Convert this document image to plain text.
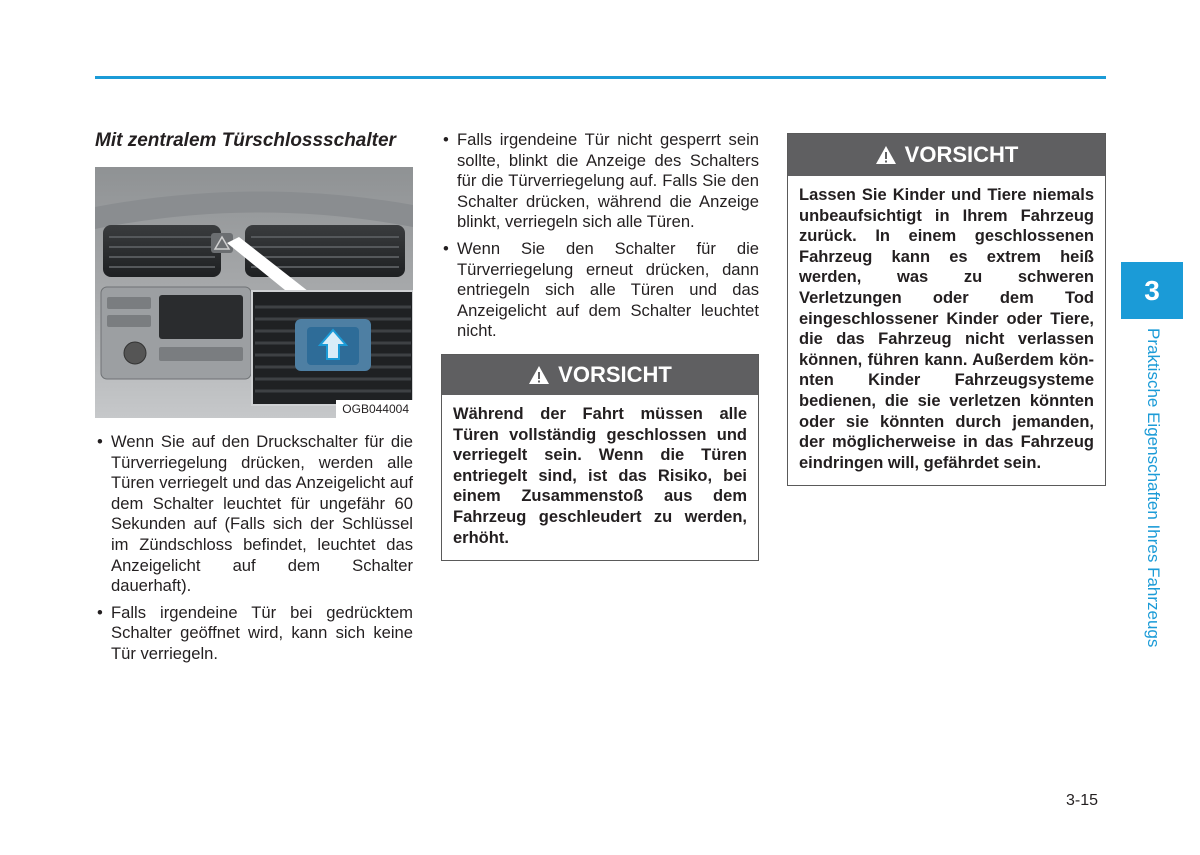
Mit zentralem Türschlossschalter
OGB044004
• Wenn Sie auf den Druckschalter für die Türverriegelung drücken, werden alle Türen verriegelt und das Anzeigelicht auf dem Schalter leuchtet für ungefähr 60 Sekunden auf (Falls sich der Schlüssel im Zündschloss befindet, leuchtet das Anzeigelicht auf dem Schalter dauerhaft).
• Falls irgendeine Tür bei gedrücktem Schalter geöffnet wird, kann sich keine Tür verriegeln.
• Falls irgendeine Tür nicht gesperrt sein sollte, blinkt die Anzeige des Schalters für die Türverriegelung auf. Falls Sie den Schalter drücken, während die Anzeige blinkt, verriegeln sich alle Türen.
• Wenn Sie den Schalter für die Türverriegelung erneut drücken, dann entriegeln sich alle Türen und das Anzeigelicht auf dem Schalter leuchtet nicht.
VORSICHT
Während der Fahrt müssen alle Türen vollständig geschlossen und verriegelt sein. Wenn die Türen entriegelt sind, ist das Risiko, bei einem Zusammenstoß aus dem Fahrzeug geschleudert zu werden, erhöht.
VORSICHT
Lassen Sie Kinder und Tiere niemals unbeaufsichtigt in Ihrem Fahrzeug zurück. In einem geschlossenen Fahrzeug kann es extrem heiß werden, was zu schweren Verletzungen oder dem Tod eingeschlossener Kinder oder Tiere, die das Fahrzeug nicht verlassen können, führen kann. Außerdem könnten Kinder Fahrzeugsysteme bedienen, die sie verletzen könnten oder sie könnten durch jemanden, der möglicherweise in das Fahrzeug eindringen will, gefährdet sein.
3
Praktische Eigenschaften Ihres Fahrzeugs
3-15
